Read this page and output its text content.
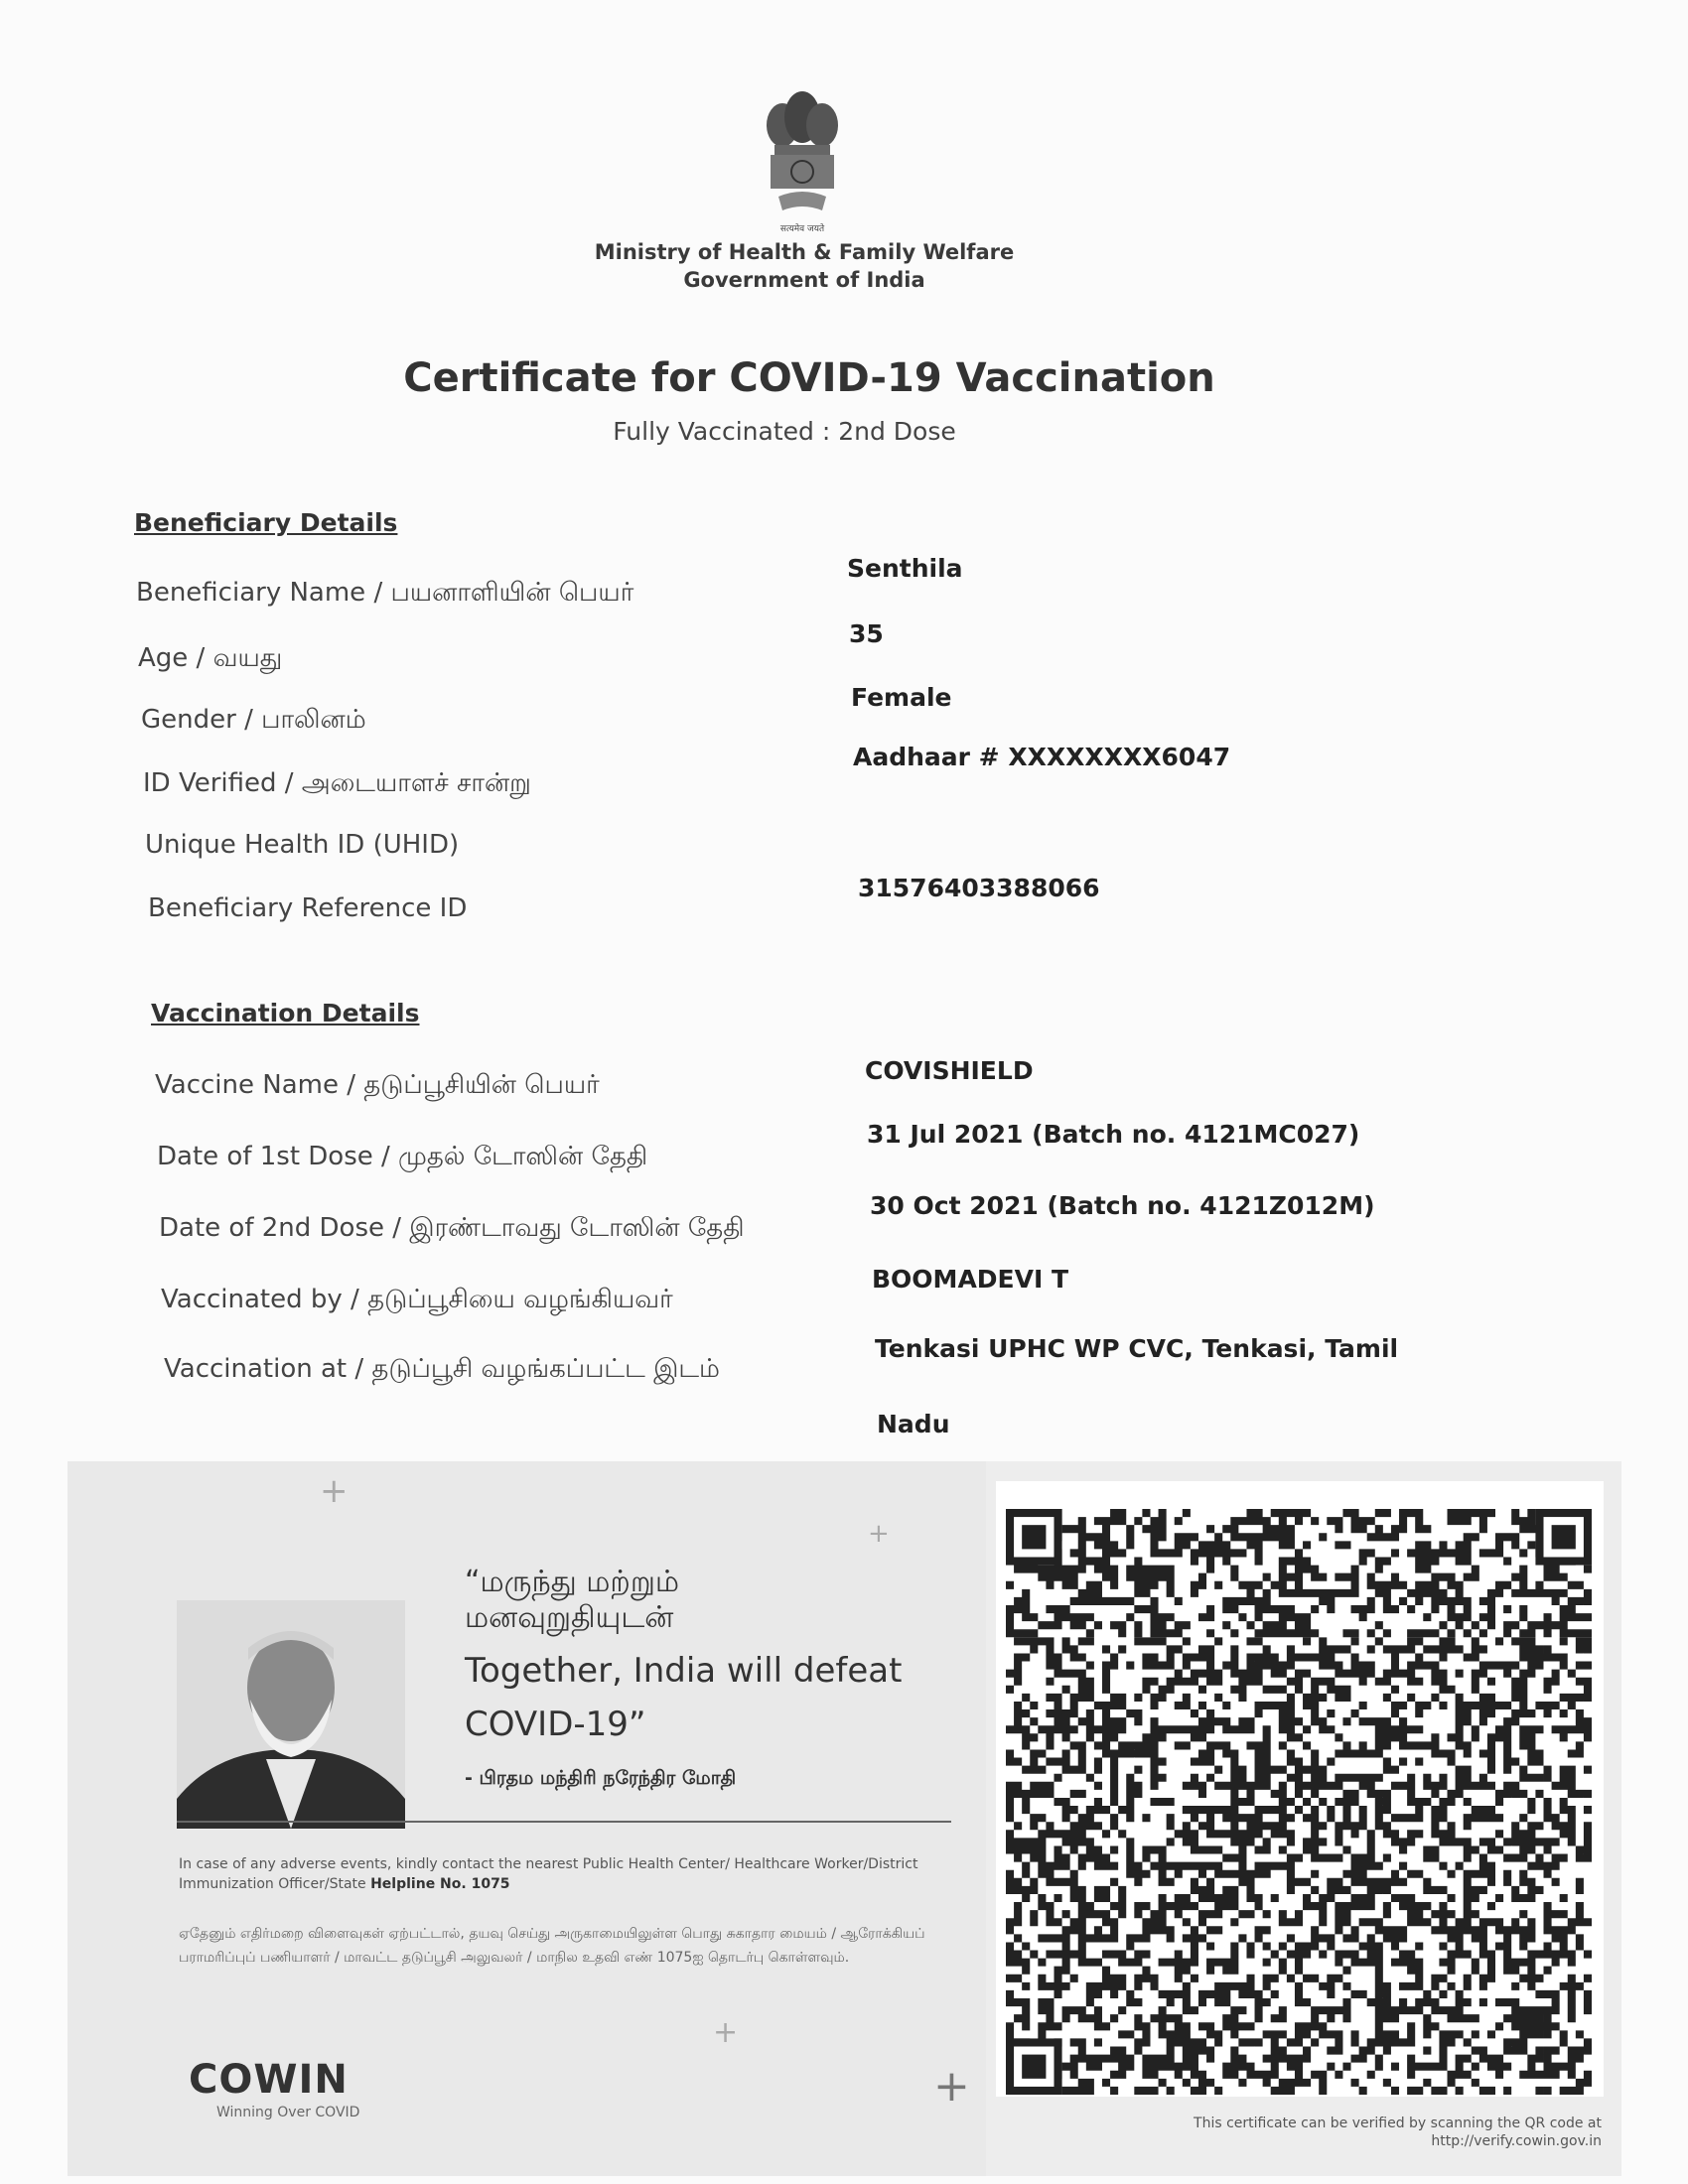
सत्यमेव जयते
Ministry of Health & Family Welfare
Government of India
Certificate for COVID-19 Vaccination
Fully Vaccinated : 2nd Dose
Beneficiary Details
Beneficiary Name / பயனாளியின் பெயர்
Senthila
Age / வயது
35
Gender / பாலினம்
Female
ID Verified / அடையாளச் சான்று
Aadhaar # XXXXXXXX6047
Unique Health ID (UHID)
Beneficiary Reference ID
31576403388066
Vaccination Details
Vaccine Name / தடுப்பூசியின் பெயர்	COVISHIELD
Date of 1st Dose / முதல் டோஸின் தேதி
31 Jul 2021 (Batch no. 4121MC027)
Date of 2nd Dose / இரண்டாவது டோஸின் தேதி
30 Oct 2021 (Batch no. 4121Z012M)
Vaccinated by / தடுப்பூசியை வழங்கியவர்
BOOMADEVI T
Vaccination at / தடுப்பூசி வழங்கப்பட்ட இடம்
Tenkasi UPHC WP CVC, Tenkasi, Tamil
Nadu
+
+
+
+
“மருந்து மற்றும்
மனவுறுதியுடன்
Together, India will defeat
COVID-19”
- பிரதம மந்திரி நரேந்திர மோதி
In case of any adverse events, kindly contact the nearest Public Health Center/ Healthcare Worker/District Immunization Officer/State Helpline No. 1075
ஏதேனும் எதிர்மறை விளைவுகள் ஏற்பட்டால், தயவு செய்து அருகாமையிலுள்ள பொது சுகாதார மையம் / ஆரோக்கியப் பராமரிப்புப் பணியாளர் / மாவட்ட தடுப்பூசி அலுவலர் / மாநில உதவி எண் 1075ஐ தொடர்பு கொள்ளவும்.
COWIN
Winning Over COVID
This certificate can be verified by scanning the QR code at
http://verify.cowin.gov.in
